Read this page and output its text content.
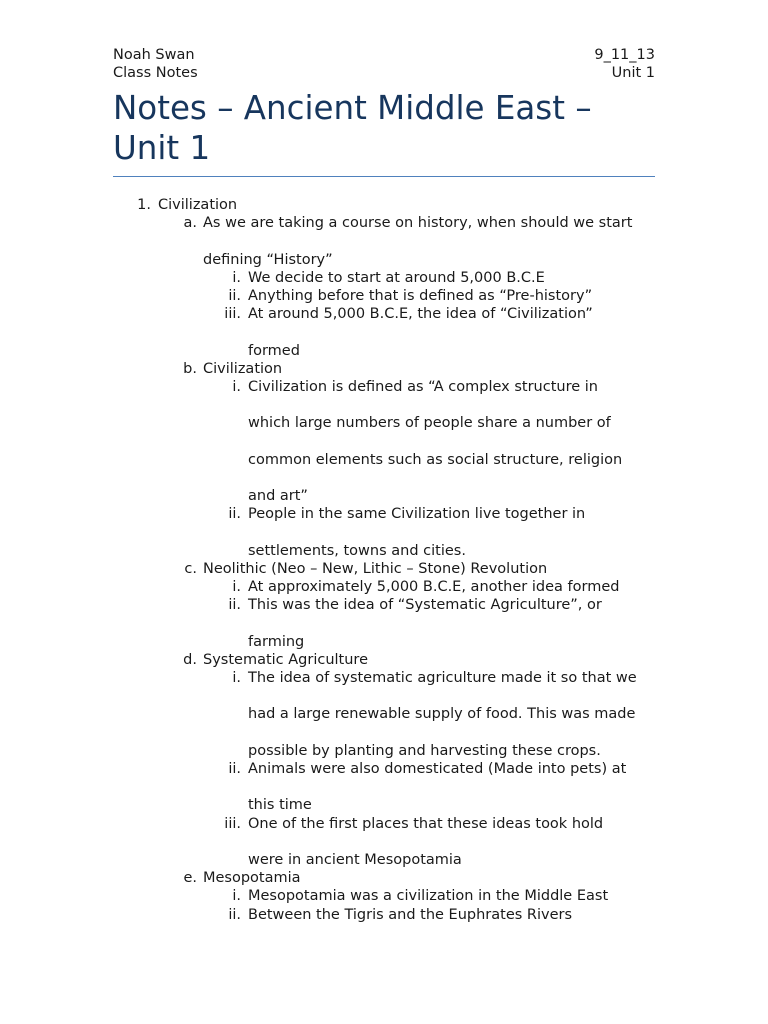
Noah Swan
Class Notes
9_11_13
Unit 1
Notes – Ancient Middle East –
Unit 1
1. Civilization
a. As we are taking a course on history, when should we start
defining “History”
i. We decide to start at around 5,000 B.C.E
ii. Anything before that is defined as “Pre-history”
iii. At around 5,000 B.C.E, the idea of “Civilization”
formed
b. Civilization
i. Civilization is defined as “A complex structure in
which large numbers of people share a number of
common elements such as social structure, religion
and art”
ii. People in the same Civilization live together in
settlements, towns and cities.
c. Neolithic (Neo – New, Lithic – Stone) Revolution
i. At approximately 5,000 B.C.E, another idea formed
ii. This was the idea of “Systematic Agriculture”, or
farming
d. Systematic Agriculture
i. The idea of systematic agriculture made it so that we
had a large renewable supply of food. This was made
possible by planting and harvesting these crops.
ii. Animals were also domesticated (Made into pets) at
this time
iii. One of the first places that these ideas took hold
were in ancient Mesopotamia
e. Mesopotamia
i. Mesopotamia was a civilization in the Middle East
ii. Between the Tigris and the Euphrates Rivers
